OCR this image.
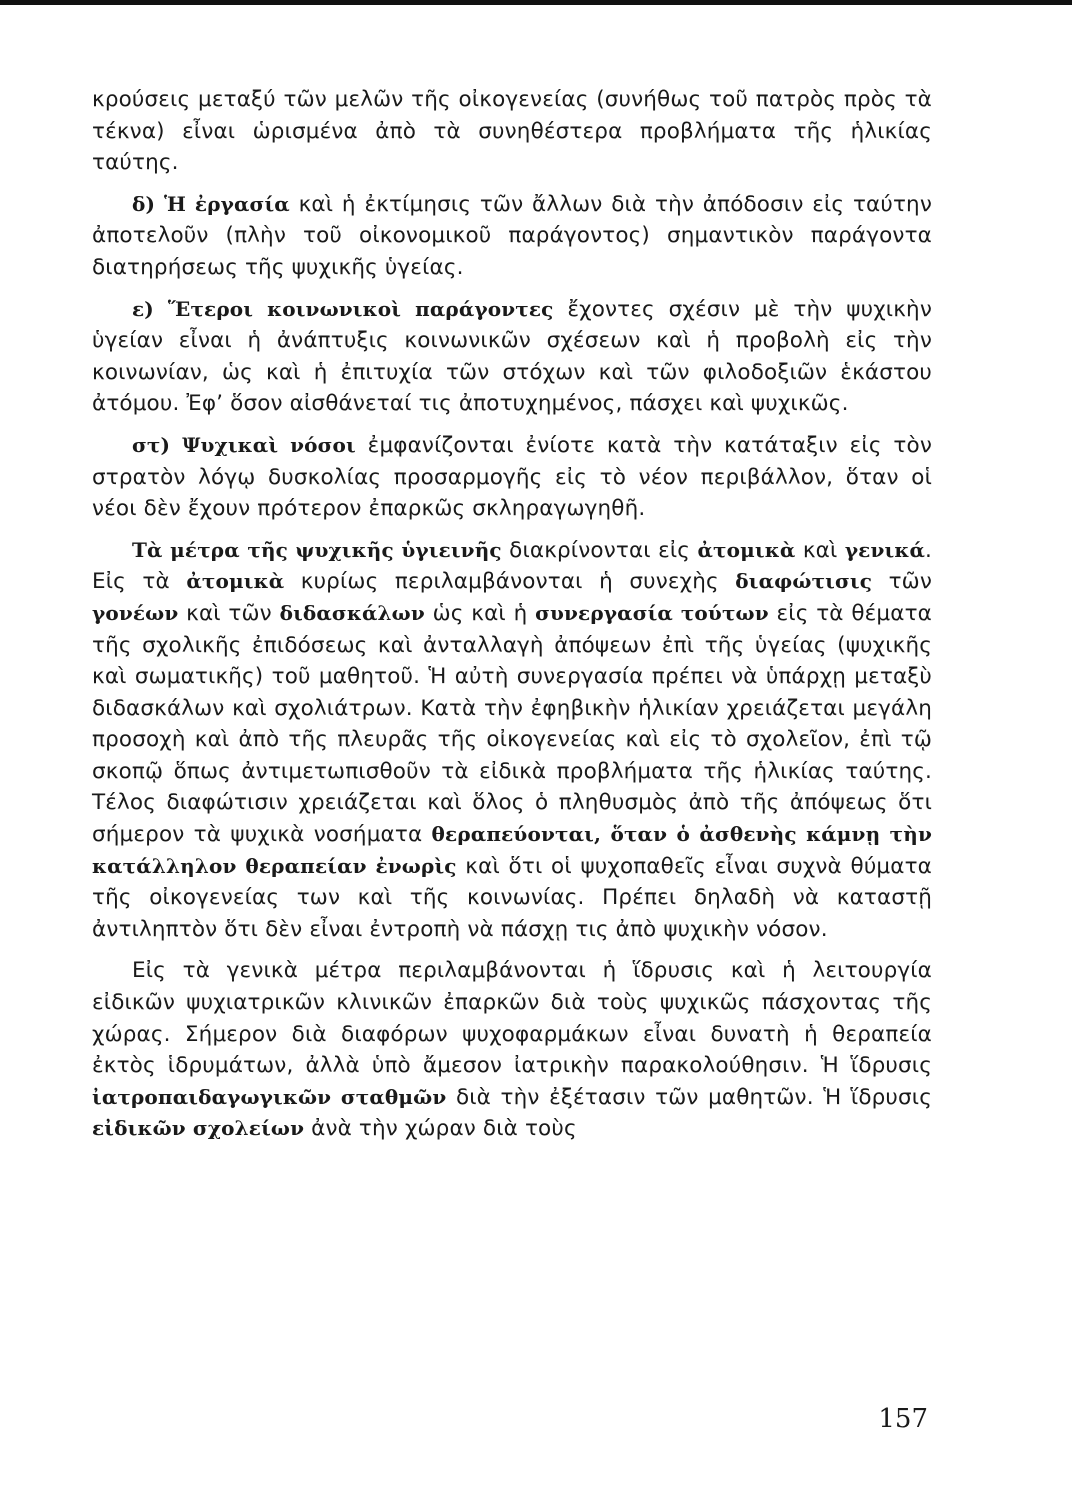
κρούσεις μεταξύ τῶν μελῶν τῆς οἰκογενείας (συνήθως τοῦ πατρὸς πρὸς τὰ τέκνα) εἶναι ὡρισμένα ἀπὸ τὰ συνηθέστερα προβλήματα τῆς ἡλικίας ταύτης.

δ) Ἡ ἐργασία καὶ ἡ ἐκτίμησις τῶν ἄλλων διὰ τὴν ἀπόδοσιν εἰς ταύτην ἀποτελοῦν (πλὴν τοῦ οἰκονομικοῦ παράγοντος) σημαντικὸν παράγοντα διατηρήσεως τῆς ψυχικῆς ὑγείας.

ε) Ἕτεροι κοινωνικοὶ παράγοντες ἔχοντες σχέσιν μὲ τὴν ψυχικὴν ὑγείαν εἶναι ἡ ἀνάπτυξις κοινωνικῶν σχέσεων καὶ ἡ προβολὴ εἰς τὴν κοινωνίαν, ὡς καὶ ἡ ἐπιτυχία τῶν στόχων καὶ τῶν φιλοδοξιῶν ἑκάστου ἀτόμου. Ἐφ’ ὅσον αἰσθάνεταί τις ἀποτυχημένος, πάσχει καὶ ψυχικῶς.

στ) Ψυχικαὶ νόσοι ἐμφανίζονται ἐνίοτε κατὰ τὴν κατάταξιν εἰς τὸν στρατὸν λόγῳ δυσκολίας προσαρμογῆς εἰς τὸ νέον περιβάλλον, ὅταν οἱ νέοι δὲν ἔχουν πρότερον ἐπαρκῶς σκληραγωγηθῆ.

Τὰ μέτρα τῆς ψυχικῆς ὑγιεινῆς διακρίνονται εἰς ἀτομικὰ καὶ γενικά. Εἰς τὰ ἀτομικὰ κυρίως περιλαμβάνονται ἡ συνεχὴς διαφώτισις τῶν γονέων καὶ τῶν διδασκάλων ὡς καὶ ἡ συνεργασία τούτων εἰς τὰ θέματα τῆς σχολικῆς ἐπιδόσεως καὶ ἀνταλλαγὴ ἀπόψεων ἐπὶ τῆς ὑγείας (ψυχικῆς καὶ σωματικῆς) τοῦ μαθητοῦ. Ἡ αὐτὴ συνεργασία πρέπει νὰ ὑπάρχῃ μεταξὺ διδασκάλων καὶ σχολιάτρων. Κατὰ τὴν ἐφηβικὴν ἡλικίαν χρειάζεται μεγάλη προσοχὴ καὶ ἀπὸ τῆς πλευρᾶς τῆς οἰκογενείας καὶ εἰς τὸ σχολεῖον, ἐπὶ τῷ σκοπῷ ὅπως ἀντιμετωπισθοῦν τὰ εἰδικὰ προβλήματα τῆς ἡλικίας ταύτης. Τέλος διαφώτισιν χρειάζεται καὶ ὅλος ὁ πληθυσμὸς ἀπὸ τῆς ἀπόψεως ὅτι σήμερον τὰ ψυχικὰ νοσήματα θεραπεύονται, ὅταν ὁ ἀσθενὴς κάμνῃ τὴν κατάλληλον θεραπείαν ἐνωρὶς καὶ ὅτι οἱ ψυχοπαθεῖς εἶναι συχνὰ θύματα τῆς οἰκογενείας των καὶ τῆς κοινωνίας. Πρέπει δηλαδὴ νὰ καταστῇ ἀντιληπτὸν ὅτι δὲν εἶναι ἐντροπὴ νὰ πάσχῃ τις ἀπὸ ψυχικὴν νόσον.

Εἰς τὰ γενικὰ μέτρα περιλαμβάνονται ἡ ἵδρυσις καὶ ἡ λειτουργία εἰδικῶν ψυχιατρικῶν κλινικῶν ἐπαρκῶν διὰ τοὺς ψυχικῶς πάσχοντας τῆς χώρας. Σήμερον διὰ διαφόρων ψυχοφαρμάκων εἶναι δυνατὴ ἡ θεραπεία ἐκτὸς ἱδρυμάτων, ἀλλὰ ὑπὸ ἄμεσον ἰατρικὴν παρακολούθησιν. Ἡ ἵδρυσις ἰατροπαιδαγωγικῶν σταθμῶν διὰ τὴν ἐξέτασιν τῶν μαθητῶν. Ἡ ἵδρυσις εἰδικῶν σχολείων ἀνὰ τὴν χώραν διὰ τοὺς

157
